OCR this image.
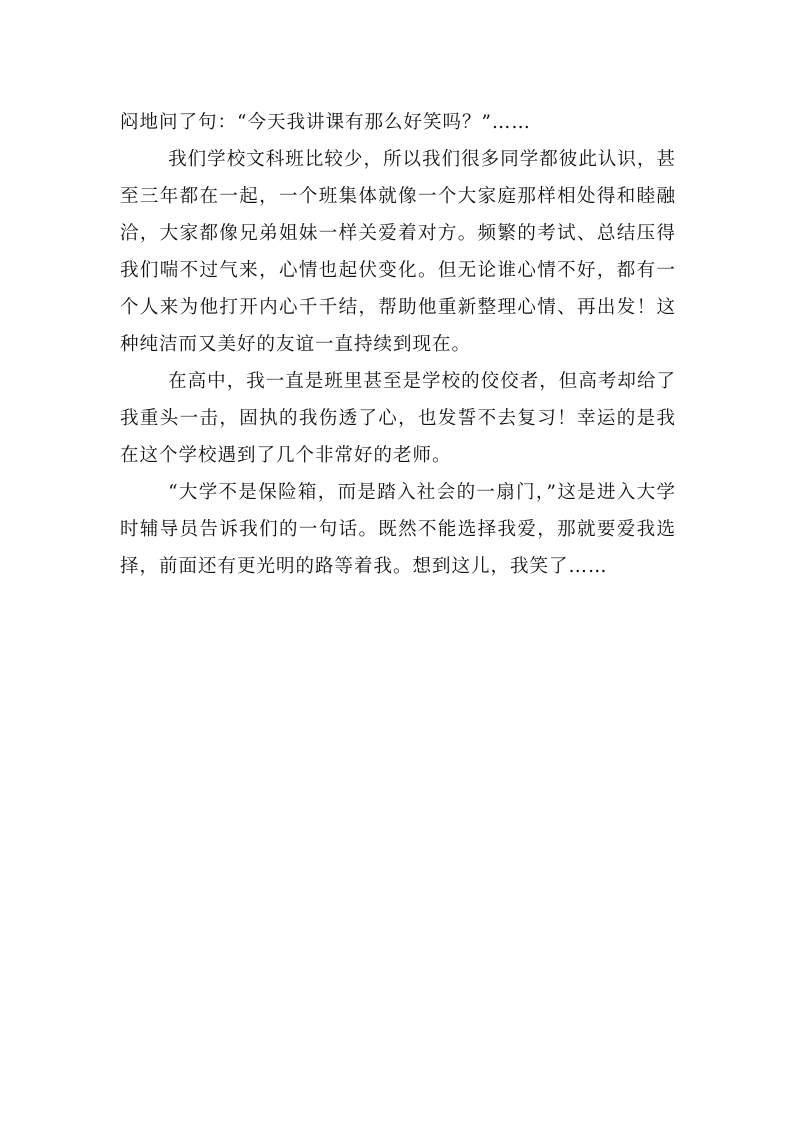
闷地问了句：“今天我讲课有那么好笑吗？”……

我们学校文科班比较少，所以我们很多同学都彼此认识，甚至三年都在一起，一个班集体就像一个大家庭那样相处得和睦融洽，大家都像兄弟姐妹一样关爱着对方。频繁的考试、总结压得我们喘不过气来，心情也起伏变化。但无论谁心情不好，都有一个人来为他打开内心千千结，帮助他重新整理心情、再出发！这种纯洁而又美好的友谊一直持续到现在。

在高中，我一直是班里甚至是学校的佼佼者，但高考却给了我重头一击，固执的我伤透了心，也发誓不去复习！幸运的是我在这个学校遇到了几个非常好的老师。

“大学不是保险箱，而是踏入社会的一扇门，”这是进入大学时辅导员告诉我们的一句话。既然不能选择我爱，那就要爱我选择，前面还有更光明的路等着我。想到这儿，我笑了……
